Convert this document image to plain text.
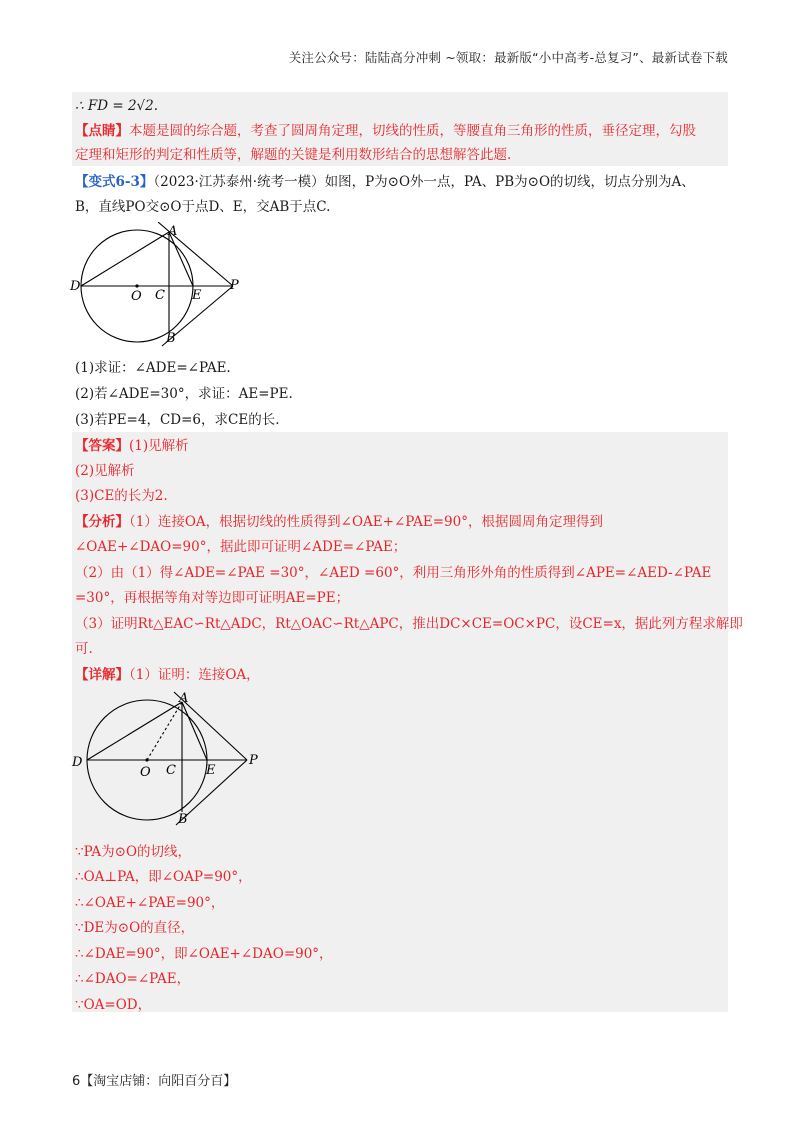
关注公众号：陆陆高分冲刺 ~领取：最新版“小中高考-总复习”、最新试卷下载
∴ FD = 2√2.
【点睛】本题是圆的综合题，考查了圆周角定理，切线的性质，等腰直角三角形的性质，垂径定理，勾股
定理和矩形的判定和性质等，解题的关键是利用数形结合的思想解答此题.
【变式6-3】（2023·江苏泰州·统考一模）如图，P为⊙O外一点，PA、PB为⊙O的切线，切点分别为A、
B，直线PO交⊙O于点D、E，交AB于点C.
A
D
O C E
P
B
(1)求证：∠ADE=∠PAE.
(2)若∠ADE=30°，求证：AE=PE.
(3)若PE=4，CD=6，求CE的长.
【答案】(1)见解析
(2)见解析
(3)CE的长为2.
【分析】（1）连接OA，根据切线的性质得到∠OAE+∠PAE=90°，根据圆周角定理得到
∠OAE+∠DAO=90°，据此即可证明∠ADE=∠PAE；
（2）由（1）得∠ADE=∠PAE =30°，∠AED =60°，利用三角形外角的性质得到∠APE=∠AED-∠PAE
=30°，再根据等角对等边即可证明AE=PE；
（3）证明Rt△EAC∽Rt△ADC，Rt△OAC∽Rt△APC，推出DC×CE=OC×PC，设CE=x，据此列方程求解即
可.
【详解】（1）证明：连接OA，
A
D
O C E
P
B
∵PA为⊙O的切线，
∴OA⊥PA，即∠OAP=90°，
∴∠OAE+∠PAE=90°，
∵DE为⊙O的直径，
∴∠DAE=90°，即∠OAE+∠DAO=90°，
∴∠DAO=∠PAE，
∵OA=OD，
6【淘宝店铺：向阳百分百】
